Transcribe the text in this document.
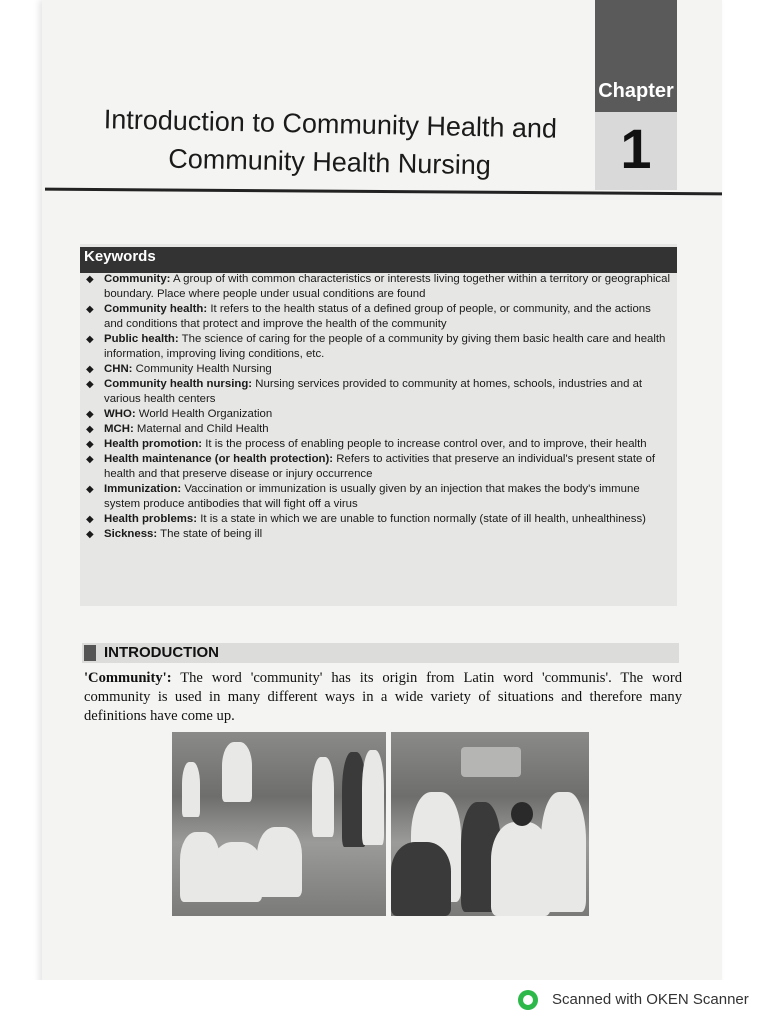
Chapter
1
Introduction to Community Health and
Community Health Nursing
Keywords
◆ Community: A group of with common characteristics or interests living together within a territory or geographical boundary. Place where people under usual conditions are found
◆ Community health: It refers to the health status of a defined group of people, or community, and the actions and conditions that protect and improve the health of the community
◆ Public health: The science of caring for the people of a community by giving them basic health care and health information, improving living conditions, etc.
◆ CHN: Community Health Nursing
◆ Community health nursing: Nursing services provided to community at homes, schools, industries and at various health centers
◆ WHO: World Health Organization
◆ MCH: Maternal and Child Health
◆ Health promotion: It is the process of enabling people to increase control over, and to improve, their health
◆ Health maintenance (or health protection): Refers to activities that preserve an individual's present state of health and that preserve disease or injury occurrence
◆ Immunization: Vaccination or immunization is usually given by an injection that makes the body's immune system produce antibodies that will fight off a virus
◆ Health problems: It is a state in which we are unable to function normally (state of ill health, unhealthiness)
◆ Sickness: The state of being ill
INTRODUCTION
'Community': The word 'community' has its origin from Latin word 'communis'. The word community is used in many different ways in a wide variety of situations and therefore many definitions have come up.
Scanned with OKEN Scanner
